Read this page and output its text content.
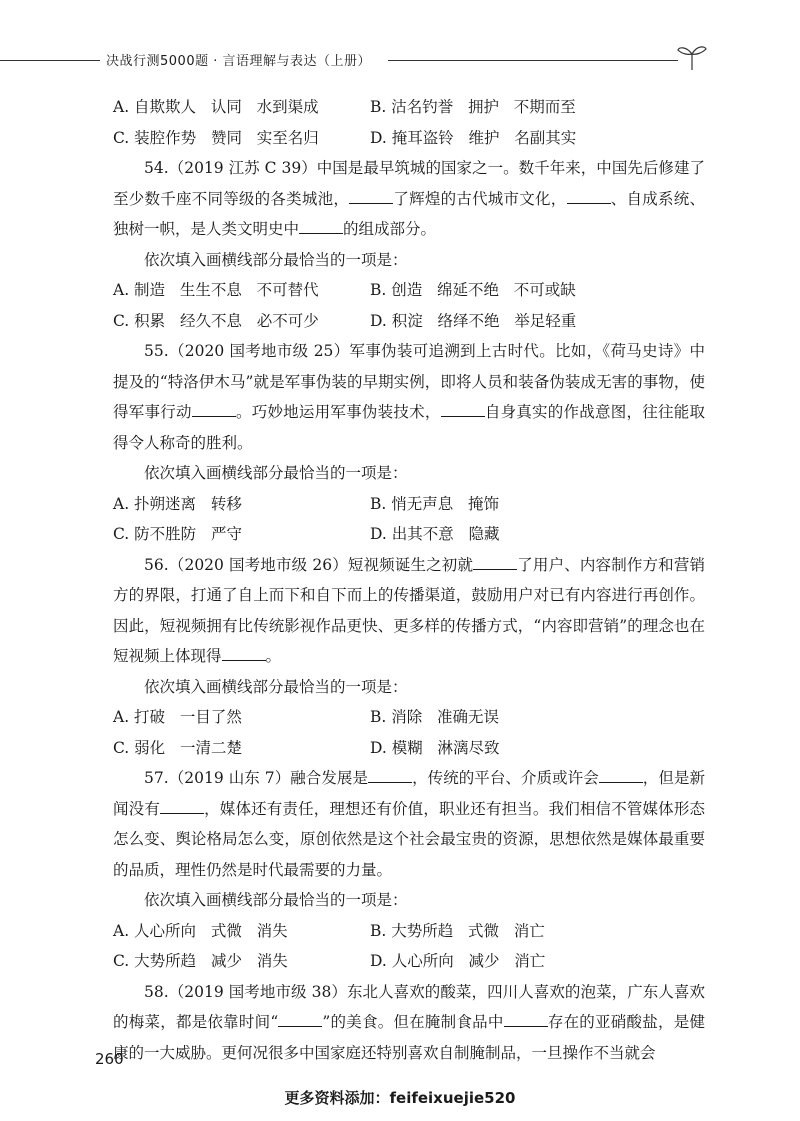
决战行测5000题 · 言语理解与表达（上册）
A. 自欺欺人   认同   水到渠成	B. 沽名钓誉   拥护   不期而至
C. 装腔作势   赞同   实至名归	D. 掩耳盗铃   维护   名副其实
54.（2019 江苏 C 39）中国是最早筑城的国家之一。数千年来，中国先后修建了至少数千座不同等级的各类城池，	了辉煌的古代城市文化，	、自成系统、独树一帜，是人类文明史中	的组成部分。
依次填入画横线部分最恰当的一项是：
A. 制造   生生不息   不可替代	B. 创造   绵延不绝   不可或缺
C. 积累   经久不息   必不可少	D. 积淀   络绎不绝   举足轻重
55.（2020 国考地市级 25）军事伪装可追溯到上古时代。比如，《荷马史诗》中提及的“特洛伊木马”就是军事伪装的早期实例，即将人员和装备伪装成无害的事物，使得军事行动	。巧妙地运用军事伪装技术，	自身真实的作战意图，往往能取得令人称奇的胜利。
依次填入画横线部分最恰当的一项是：
A. 扑朔迷离   转移	B. 悄无声息   掩饰
C. 防不胜防   严守	D. 出其不意   隐藏
56.（2020 国考地市级 26）短视频诞生之初就	了用户、内容制作方和营销方的界限，打通了自上而下和自下而上的传播渠道，鼓励用户对已有内容进行再创作。因此，短视频拥有比传统影视作品更快、更多样的传播方式，“内容即营销”的理念也在短视频上体现得	。
依次填入画横线部分最恰当的一项是：
A. 打破   一目了然	B. 消除   准确无误
C. 弱化   一清二楚	D. 模糊   淋漓尽致
57.（2019 山东 7）融合发展是	，传统的平台、介质或许会	，但是新闻没有	，媒体还有责任，理想还有价值，职业还有担当。我们相信不管媒体形态怎么变、舆论格局怎么变，原创依然是这个社会最宝贵的资源，思想依然是媒体最重要的品质，理性仍然是时代最需要的力量。
依次填入画横线部分最恰当的一项是：
A. 人心所向   式微   消失	B. 大势所趋   式微   消亡
C. 大势所趋   减少   消失	D. 人心所向   减少   消亡
58.（2019 国考地市级 38）东北人喜欢的酸菜，四川人喜欢的泡菜，广东人喜欢的梅菜，都是依靠时间“	”的美食。但在腌制食品中	存在的亚硝酸盐，是健康的一大威胁。更何况很多中国家庭还特别喜欢自制腌制品，一旦操作不当就会
260
更多资料添加：feifeixuejie520
